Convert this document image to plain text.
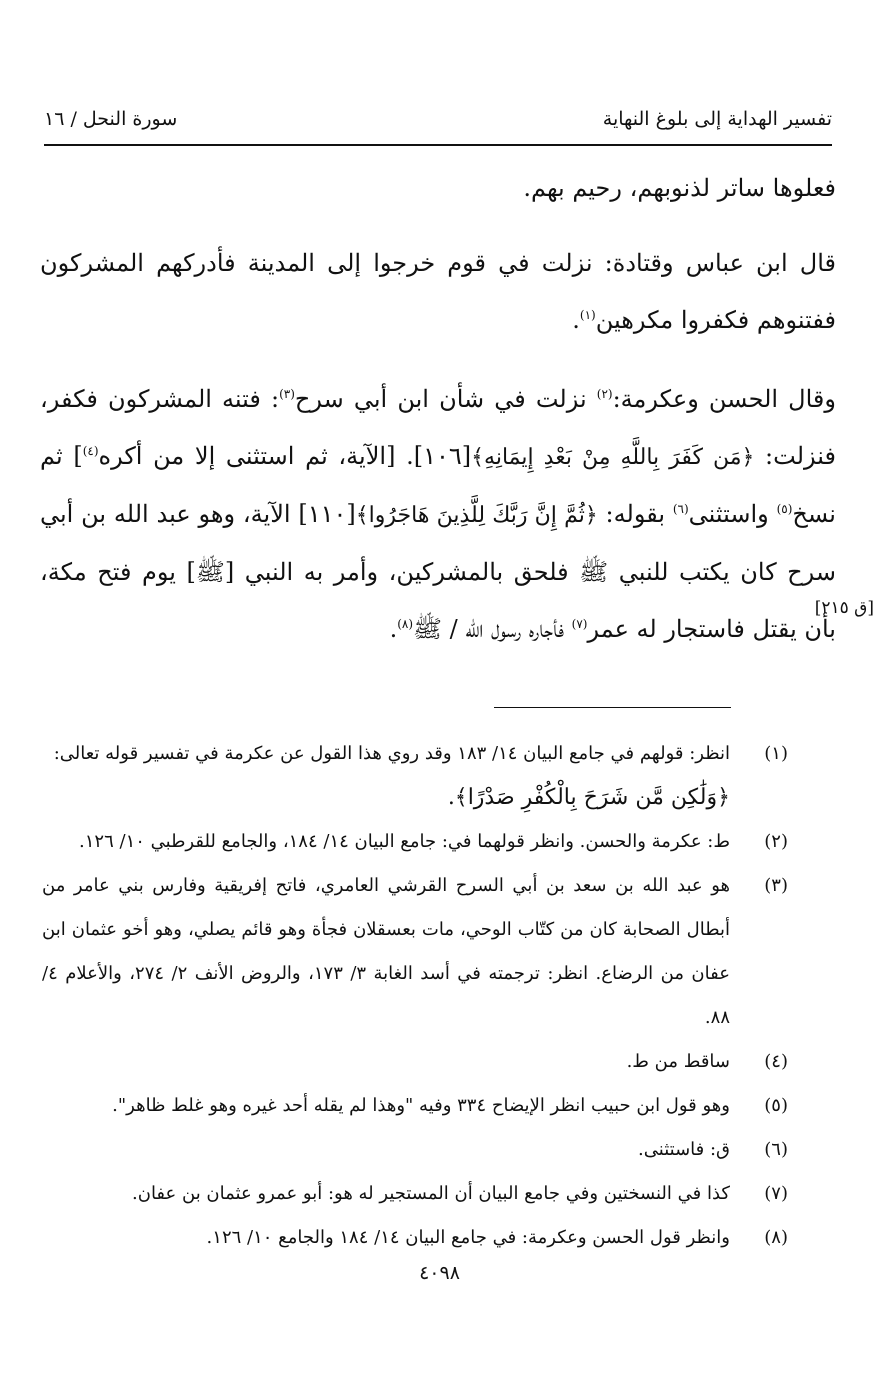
تفسير الهداية إلى بلوغ النهاية
سورة النحل / ١٦

فعلوها ساتر لذنوبهم، رحيم بهم.

قال ابن عباس وقتادة: نزلت في قوم خرجوا إلى المدينة فأدركهم المشركون ففتنوهم فكفروا مكرهين$^{(١)}$.

وقال الحسن وعكرمة:$^{(٢)}$ نزلت في شأن ابن أبي سرح$^{(٣)}$: فتنه المشركون فكفر، فنزلت: ﴿مَن كَفَرَ بِاللَّهِ مِنْ بَعْدِ إِيمَانِهِ﴾[١٠٦]. [الآية، ثم استثنى إلا من أكره$^{(٤)}$] ثم نسخ$^{(٥)}$ واستثنى$^{(٦)}$ بقوله: ﴿ثُمَّ إِنَّ رَبَّكَ لِلَّذِينَ هَاجَرُوا﴾[١١٠] الآية، وهو عبد الله بن أبي سرح كان يكتب للنبي ﷺ فلحق بالمشركين، وأمر به النبي [ﷺ] يوم فتح مكة، بأن يقتل فاستجار له عمر$^{(٧)}$ فأجاره رسول الله / ﷺ$^{(٨)}$.

[ق ٢١٥]
(١)
انظر: قولهم في جامع البيان ١٤/ ١٨٣ وقد روي هذا القول عن عكرمة في تفسير قوله تعالى:
﴿وَلَٰكِن مَّن شَرَحَ بِالْكُفْرِ صَدْرًا﴾.
(٢)
ط: عكرمة والحسن. وانظر قولهما في: جامع البيان ١٤/ ١٨٤، والجامع للقرطبي ١٠/ ١٢٦.
(٣)
هو عبد الله بن سعد بن أبي السرح القرشي العامري، فاتح إفريقية وفارس بني عامر من أبطال الصحابة كان من كتّاب الوحي، مات بعسقلان فجأة وهو قائم يصلي، وهو أخو عثمان ابن عفان من الرضاع. انظر: ترجمته في أسد الغابة ٣/ ١٧٣، والروض الأنف ٢/ ٢٧٤، والأعلام ٤/ ٨٨.
(٤)
ساقط من ط.
(٥)
وهو قول ابن حبيب انظر الإيضاح ٣٣٤ وفيه "وهذا لم يقله أحد غيره وهو غلط ظاهر".
(٦)
ق: فاستثنى.
(٧)
كذا في النسختين وفي جامع البيان أن المستجير له هو: أبو عمرو عثمان بن عفان.
(٨)
وانظر قول الحسن وعكرمة: في جامع البيان ١٤/ ١٨٤ والجامع ١٠/ ١٢٦.
٤٠٩٨
